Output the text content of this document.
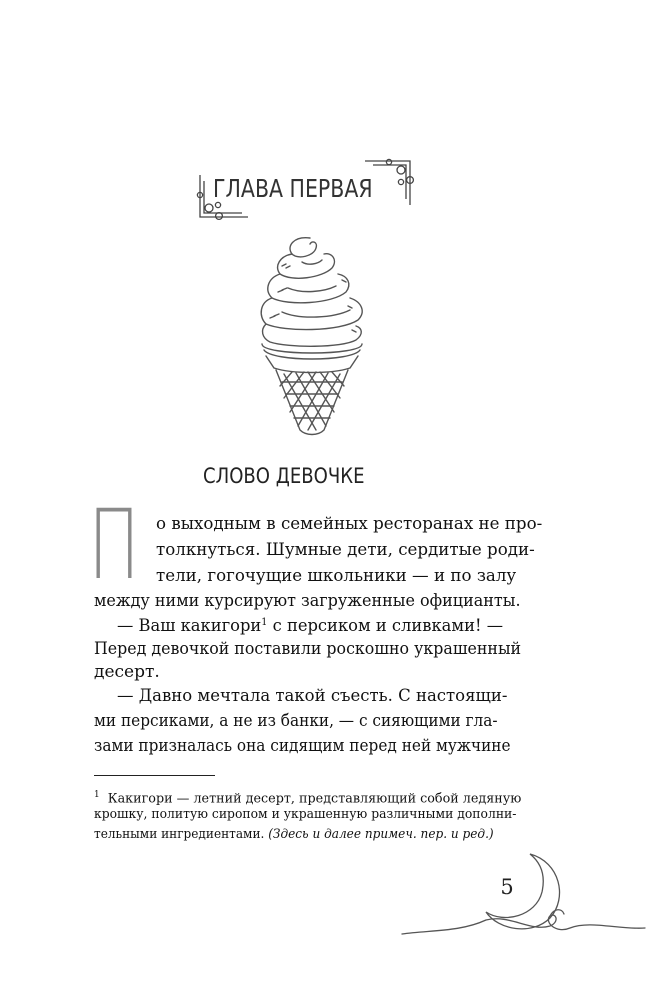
ГЛАВА ПЕРВАЯ
СЛОВО ДЕВОЧКЕ
П о выходным в семейных ресторанах не про-
толкнуться. Шумные дети, сердитые роди-
тели, гогочущие школьники — и по залу
между ними курсируют загруженные официанты.
— Ваш какигори$^1$ с персиком и сливками! —
Перед девочкой поставили роскошно украшенный
десерт.
— Давно мечтала такой съесть. С настоящи-
ми персиками, а не из банки, — с сияющими гла-
зами призналась она сидящим перед ней мужчине
$^1$ Какигори — летний десерт, представляющий собой ледяную
крошку, политую сиропом и украшенную различными дополни-
тельными ингредиентами. (Здесь и далее примеч. пер. и ред.)
5
